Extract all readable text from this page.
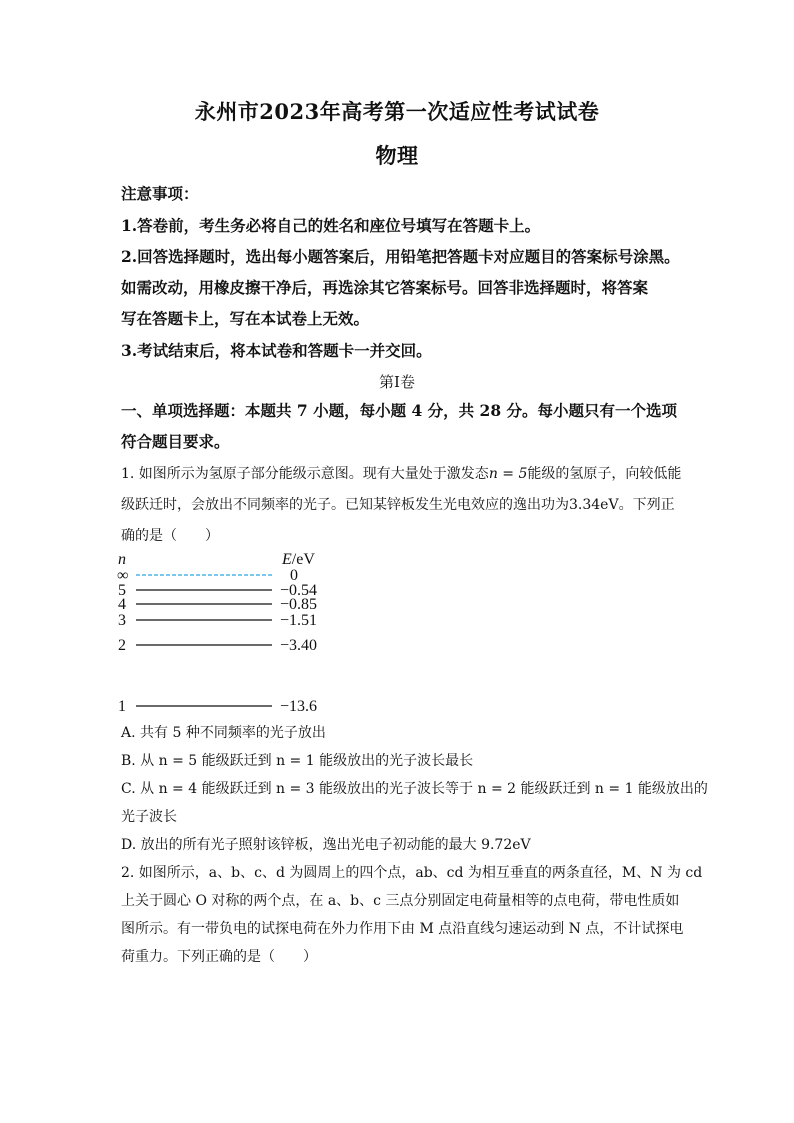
永州市2023年高考第一次适应性考试试卷
物理
注意事项：
1.答卷前，考生务必将自己的姓名和座位号填写在答题卡上。
2.回答选择题时，选出每小题答案后，用铅笔把答题卡对应题目的答案标号涂黑。
如需改动，用橡皮擦干净后，再选涂其它答案标号。回答非选择题时，将答案
写在答题卡上，写在本试卷上无效。
3.考试结束后，将本试卷和答题卡一并交回。
第Ⅰ卷
一、单项选择题：本题共 7 小题，每小题 4 分，共 28 分。每小题只有一个选项
符合题目要求。
1. 如图所示为氢原子部分能级示意图。现有大量处于激发态n = 5能级的氢原子，向较低能
级跃迁时，会放出不同频率的光子。已知某锌板发生光电效应的逸出功为3.34eV。下列正
确的是（　　）
n	E/eV
∞	0
5	−0.54
4	−0.85
3	−1.51
2	−3.40
1	−13.6
A. 共有 5 种不同频率的光子放出
B. 从 n = 5 能级跃迁到 n = 1 能级放出的光子波长最长
C. 从 n = 4 能级跃迁到 n = 3 能级放出的光子波长等于 n = 2 能级跃迁到 n = 1 能级放出的
光子波长
D. 放出的所有光子照射该锌板，逸出光电子初动能的最大 9.72eV
2. 如图所示，a、b、c、d 为圆周上的四个点，ab、cd 为相互垂直的两条直径，M、N 为 cd
上关于圆心 O 对称的两个点，在 a、b、c 三点分别固定电荷量相等的点电荷，带电性质如
图所示。有一带负电的试探电荷在外力作用下由 M 点沿直线匀速运动到 N 点，不计试探电
荷重力。下列正确的是（　　）
